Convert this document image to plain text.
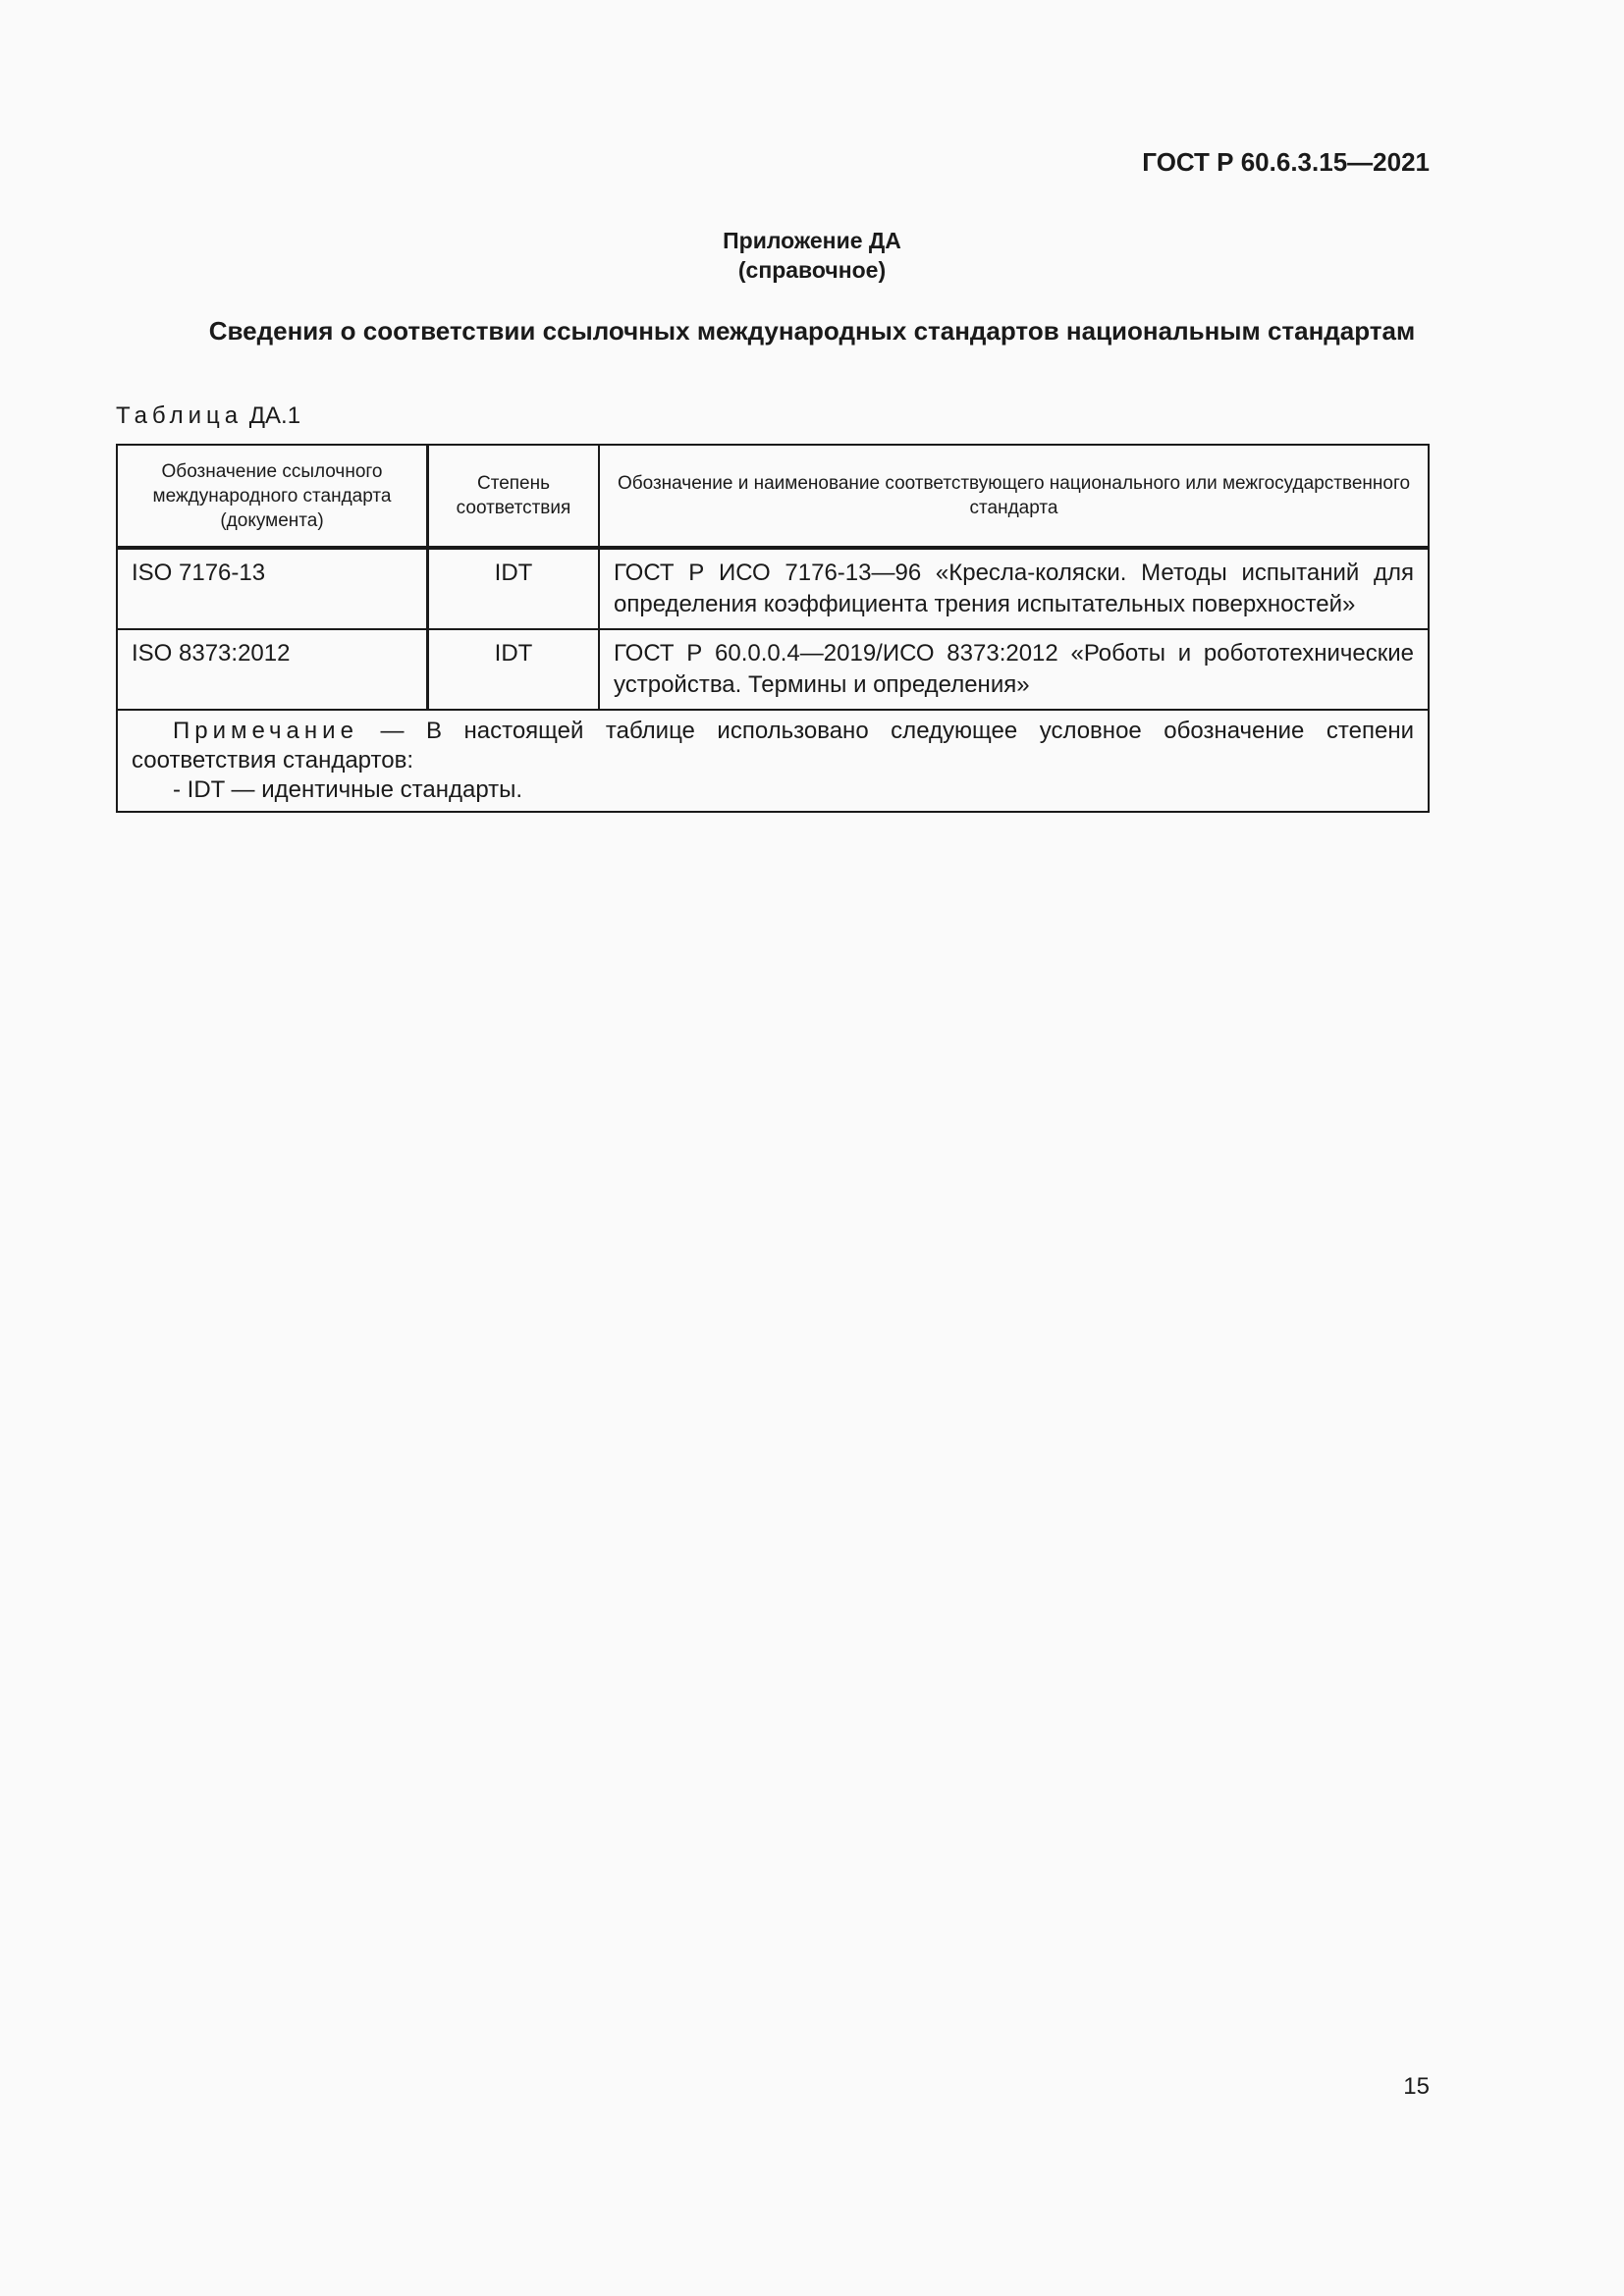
ГОСТ Р 60.6.3.15—2021
Приложение ДА
(справочное)
Сведения о соответствии ссылочных международных стандартов национальным стандартам
Таблица ДА.1
Обозначение ссылочного международного стандарта (документа)	Степень соответствия	Обозначение и наименование соответствующего национального или межгосударственного стандарта
ISO 7176-13	IDT	ГОСТ Р ИСО 7176-13—96 «Кресла-коляски. Методы испытаний для определения коэффициента трения испытательных поверхностей»
ISO 8373:2012	IDT	ГОСТ Р 60.0.0.4—2019/ИСО 8373:2012 «Роботы и робототехнические устройства. Термины и определения»

Примечание — В настоящей таблице использовано следующее условное обозначение степени соответствия стандартов:
- IDT — идентичные стандарты.		
15
